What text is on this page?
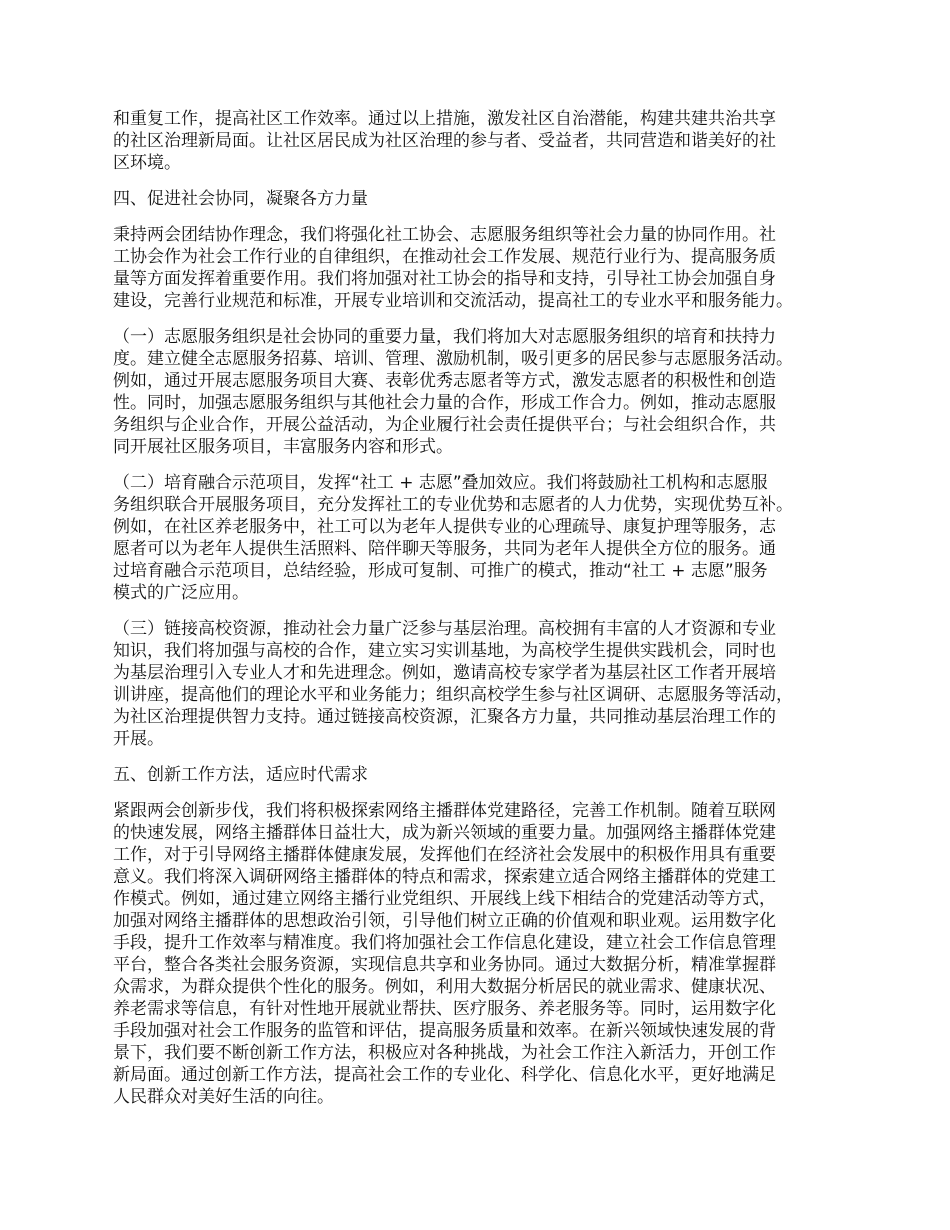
和重复工作，提高社区工作效率。通过以上措施，激发社区自治潜能，构建共建共治共享
的社区治理新局面。让社区居民成为社区治理的参与者、受益者，共同营造和谐美好的社
区环境。
四、促进社会协同，凝聚各方力量
秉持两会团结协作理念，我们将强化社工协会、志愿服务组织等社会力量的协同作用。社
工协会作为社会工作行业的自律组织，在推动社会工作发展、规范行业行为、提高服务质
量等方面发挥着重要作用。我们将加强对社工协会的指导和支持，引导社工协会加强自身
建设，完善行业规范和标准，开展专业培训和交流活动，提高社工的专业水平和服务能力。
（一）志愿服务组织是社会协同的重要力量，我们将加大对志愿服务组织的培育和扶持力
度。建立健全志愿服务招募、培训、管理、激励机制，吸引更多的居民参与志愿服务活动。
例如，通过开展志愿服务项目大赛、表彰优秀志愿者等方式，激发志愿者的积极性和创造
性。同时，加强志愿服务组织与其他社会力量的合作，形成工作合力。例如，推动志愿服
务组织与企业合作，开展公益活动，为企业履行社会责任提供平台；与社会组织合作，共
同开展社区服务项目，丰富服务内容和形式。
（二）培育融合示范项目，发挥“社工 + 志愿”叠加效应。我们将鼓励社工机构和志愿服
务组织联合开展服务项目，充分发挥社工的专业优势和志愿者的人力优势，实现优势互补。
例如，在社区养老服务中，社工可以为老年人提供专业的心理疏导、康复护理等服务，志
愿者可以为老年人提供生活照料、陪伴聊天等服务，共同为老年人提供全方位的服务。通
过培育融合示范项目，总结经验，形成可复制、可推广的模式，推动“社工 + 志愿”服务
模式的广泛应用。
（三）链接高校资源，推动社会力量广泛参与基层治理。高校拥有丰富的人才资源和专业
知识，我们将加强与高校的合作，建立实习实训基地，为高校学生提供实践机会，同时也
为基层治理引入专业人才和先进理念。例如，邀请高校专家学者为基层社区工作者开展培
训讲座，提高他们的理论水平和业务能力；组织高校学生参与社区调研、志愿服务等活动，
为社区治理提供智力支持。通过链接高校资源，汇聚各方力量，共同推动基层治理工作的
开展。
五、创新工作方法，适应时代需求
紧跟两会创新步伐，我们将积极探索网络主播群体党建路径，完善工作机制。随着互联网
的快速发展，网络主播群体日益壮大，成为新兴领域的重要力量。加强网络主播群体党建
工作，对于引导网络主播群体健康发展，发挥他们在经济社会发展中的积极作用具有重要
意义。我们将深入调研网络主播群体的特点和需求，探索建立适合网络主播群体的党建工
作模式。例如，通过建立网络主播行业党组织、开展线上线下相结合的党建活动等方式，
加强对网络主播群体的思想政治引领，引导他们树立正确的价值观和职业观。运用数字化
手段，提升工作效率与精准度。我们将加强社会工作信息化建设，建立社会工作信息管理
平台，整合各类社会服务资源，实现信息共享和业务协同。通过大数据分析，精准掌握群
众需求，为群众提供个性化的服务。例如，利用大数据分析居民的就业需求、健康状况、
养老需求等信息，有针对性地开展就业帮扶、医疗服务、养老服务等。同时，运用数字化
手段加强对社会工作服务的监管和评估，提高服务质量和效率。在新兴领域快速发展的背
景下，我们要不断创新工作方法，积极应对各种挑战，为社会工作注入新活力，开创工作
新局面。通过创新工作方法，提高社会工作的专业化、科学化、信息化水平，更好地满足
人民群众对美好生活的向往。
